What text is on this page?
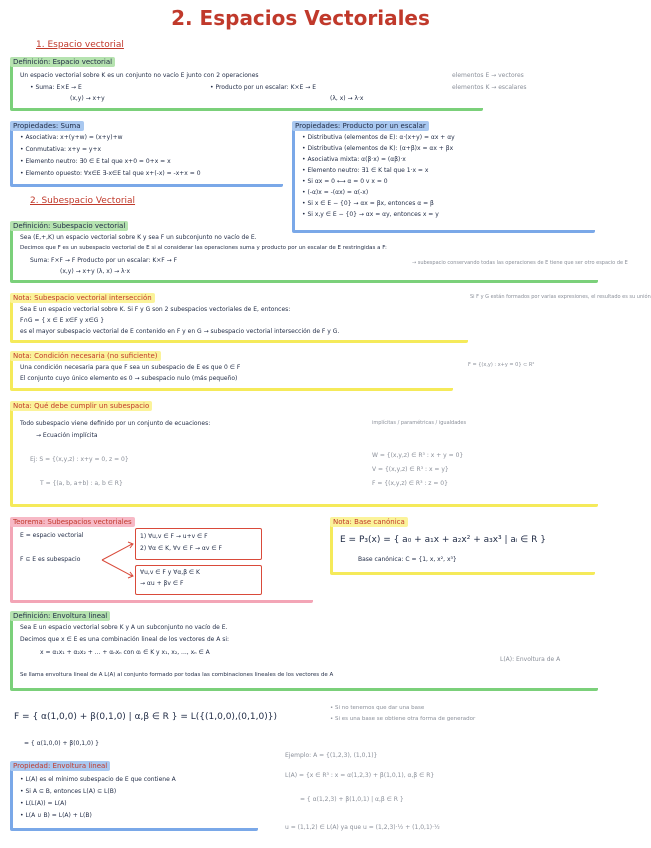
2. Espacios Vectoriales
1. Espacio vectorial
Definición: Espacio vectorial
Un espacio vectorial sobre K es un conjunto no vacío E junto con 2 operaciones
• Suma: E×E → E	• Producto por un escalar: K×E → E
(x,y) → x+y	(λ, x) → λ·x
elementos E → vectores
elementos K → escalares
Propiedades: Suma
• Asociativa: x+(y+w) = (x+y)+w
• Conmutativa: x+y = y+x
• Elemento neutro: ∃0 ∈ E tal que x+0 = 0+x = x
• Elemento opuesto: ∀x∈E ∃-x∈E tal que x+(-x) = -x+x = 0
Propiedades: Producto por un escalar
• Distributiva (elementos de E): α·(x+y) = αx + αy
• Distributiva (elementos de K): (α+β)x = αx + βx
• Asociativa mixta: α(β·x) = (αβ)·x
• Elemento neutro: ∃1 ∈ K tal que 1·x = x
• Si αx = 0 ⟷ α = 0 v x = 0
• (-α)x = -(αx) = α(-x)
• Si x ∈ E − {0} → αx = βx, entonces α = β
• Si x,y ∈ E − {0} → αx = αy, entonces x = y
2. Subespacio Vectorial
Definición: Subespacio vectorial
Sea (E,+,K) un espacio vectorial sobre K y sea F un subconjunto no vacío de E.
Decimos que F es un subespacio vectorial de E si al considerar las operaciones suma y producto por un escalar de E restringidas a F:
Suma: F×F → F Producto por un escalar: K×F → F
(x,y) → x+y (λ, x) → λ·x
→ subespacio conservando todas las operaciones de E tiene que ser otro espacio de E
Nota: Subespacio vectorial intersección
Sea E un espacio vectorial sobre K. Si F y G son 2 subespacios vectoriales de E, entonces:
F∩G = { x ∈ E x∈F y x∈G }
es el mayor subespacio vectorial de E contenido en F y en G → subespacio vectorial intersección de F y G.
Si F y G están formados por varias expresiones, el resultado es su unión
Nota: Condición necesaria (no suficiente)
Una condición necesaria para que F sea un subespacio de E es que 0 ∈ F
El conjunto cuyo único elemento es 0 → subespacio nulo (más pequeño)
F = {(x,y) : x+y = 0} ⊂ R²
Nota: Qué debe cumplir un subespacio
Todo subespacio viene definido por un conjunto de ecuaciones:
→ Ecuación implícita
implícitas / paramétricas / igualdades
Ej: S = {(x,y,z) : x+y = 0, z = 0}
T = {(a, b, a+b) : a, b ∈ R}
W = {(x,y,z) ∈ R³ : x + y = 0}
V = {(x,y,z) ∈ R³ : x = y}
F = {(x,y,z) ∈ R³ : z = 0}
Teorema: Subespacios vectoriales
E = espacio vectorial
F ⊆ E es subespacio
1) ∀u,v ∈ F → u+v ∈ F
2) ∀α ∈ K, ∀v ∈ F → αv ∈ F
∀u,v ∈ F y ∀α,β ∈ K
→ αu + βv ∈ F
Nota: Base canónica
E = P₃(x) = { a₀ + a₁x + a₂x² + a₃x³ | aᵢ ∈ R }
Base canónica: C = {1, x, x², x³}
Definición: Envoltura lineal
Sea E un espacio vectorial sobre K y A un subconjunto no vacío de E.
Decimos que x ∈ E es una combinación lineal de los vectores de A si:
x = α₁x₁ + α₂x₂ + ... + αₙxₙ con αᵢ ∈ K y x₁, x₂, ..., xₙ ∈ A
L(A): Envoltura de A
Se llama envoltura lineal de A L(A) al conjunto formado por todas las combinaciones lineales de los vectores de A
F = { α(1,0,0) + β(0,1,0) | α,β ∈ R } = L({(1,0,0),(0,1,0)})
• Si no tenemos que dar una base
• Si es una base se obtiene otra forma de generador
= { α(1,0,0) + β(0,1,0) }
Propiedad: Envoltura lineal
• L(A) es el mínimo subespacio de E que contiene A
• Si A ⊆ B, entonces L(A) ⊆ L(B)
• L(L(A)) = L(A)
• L(A ∪ B) = L(A) + L(B)
Ejemplo: A = {(1,2,3), (1,0,1)}
L(A) = {x ∈ R³ : x = α(1,2,3) + β(1,0,1), α,β ∈ R}
= { α(1,2,3) + β(1,0,1) | α,β ∈ R }
u = (1,1,2) ∈ L(A) ya que u = (1,2,3)·½ + (1,0,1)·½
